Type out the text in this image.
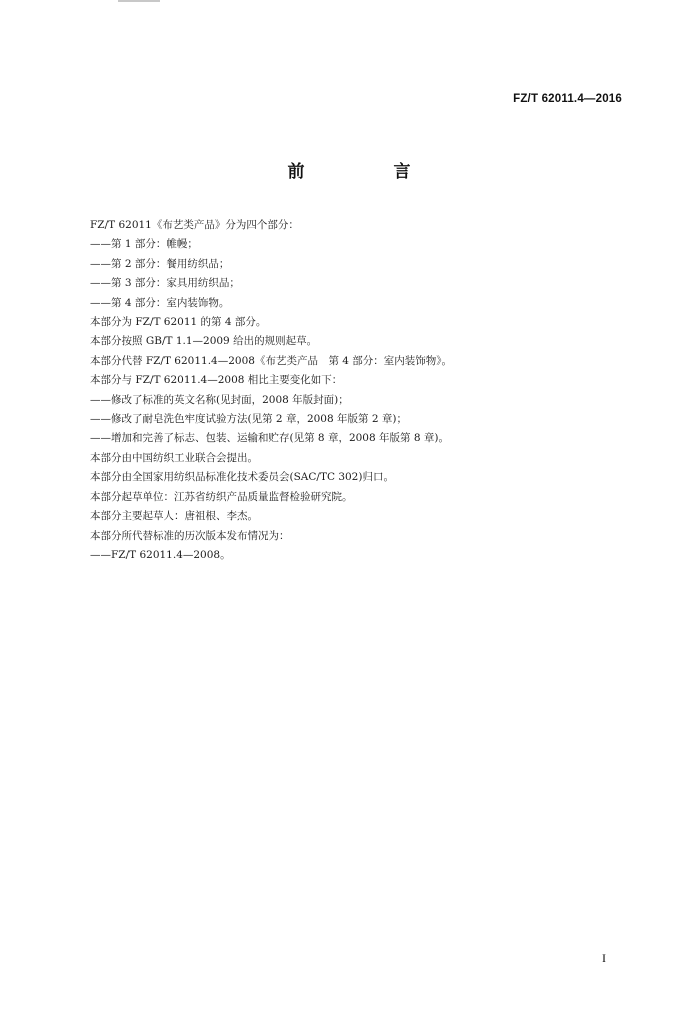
FZ/T 62011.4—2016
前　言

FZ/T 62011《布艺类产品》分为四个部分：

——第 1 部分：帷幔；

——第 2 部分：餐用纺织品；

——第 3 部分：家具用纺织品；

——第 4 部分：室内装饰物。

本部分为 FZ/T 62011 的第 4 部分。

本部分按照 GB/T 1.1—2009 给出的规则起草。

本部分代替 FZ/T 62011.4—2008《布艺类产品　第 4 部分：室内装饰物》。

本部分与 FZ/T 62011.4—2008 相比主要变化如下：

——修改了标准的英文名称(见封面，2008 年版封面)；

——修改了耐皂洗色牢度试验方法(见第 2 章，2008 年版第 2 章)；

——增加和完善了标志、包装、运输和贮存(见第 8 章，2008 年版第 8 章)。

本部分由中国纺织工业联合会提出。

本部分由全国家用纺织品标准化技术委员会(SAC/TC 302)归口。

本部分起草单位：江苏省纺织产品质量监督检验研究院。

本部分主要起草人：唐祖根、李杰。

本部分所代替标准的历次版本发布情况为：

——FZ/T 62011.4—2008。

I
